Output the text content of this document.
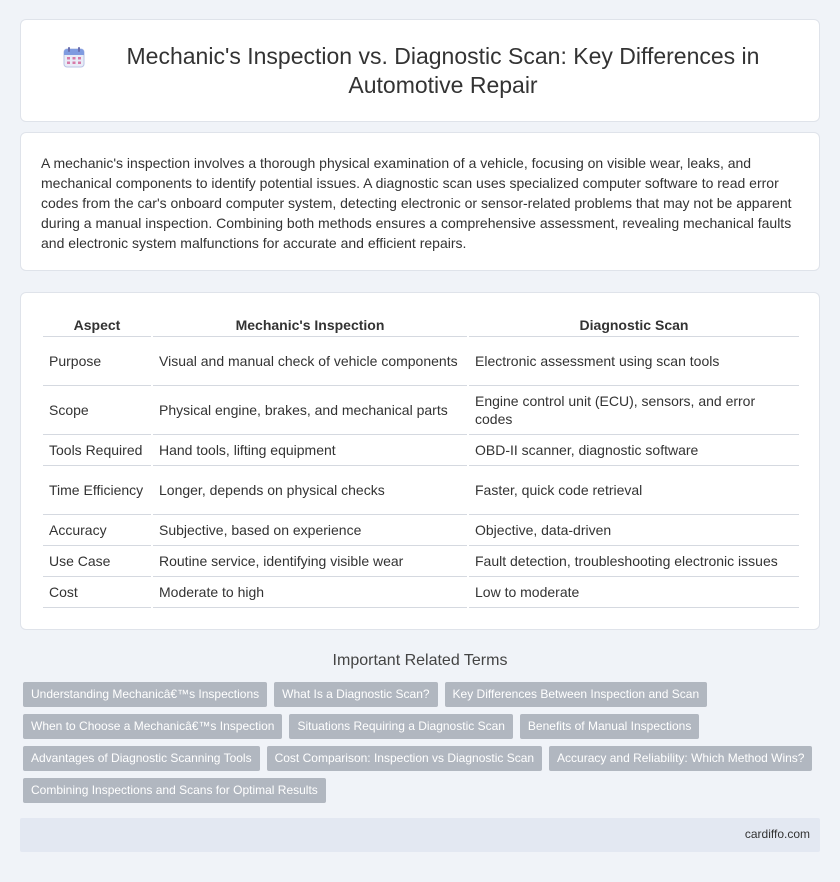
Mechanic's Inspection vs. Diagnostic Scan: Key Differences in Automotive Repair

A mechanic's inspection involves a thorough physical examination of a vehicle, focusing on visible wear, leaks, and mechanical components to identify potential issues. A diagnostic scan uses specialized computer software to read error codes from the car's onboard computer system, detecting electronic or sensor-related problems that may not be apparent during a manual inspection. Combining both methods ensures a comprehensive assessment, revealing mechanical faults and electronic system malfunctions for accurate and efficient repairs.

Aspect	Mechanic's Inspection	Diagnostic Scan
Purpose	Visual and manual check of vehicle components	Electronic assessment using scan tools
Scope	Physical engine, brakes, and mechanical parts	Engine control unit (ECU), sensors, and error codes
Tools Required	Hand tools, lifting equipment	OBD-II scanner, diagnostic software
Time Efficiency	Longer, depends on physical checks	Faster, quick code retrieval
Accuracy	Subjective, based on experience	Objective, data-driven
Use Case	Routine service, identifying visible wear	Fault detection, troubleshooting electronic issues
Cost	Moderate to high	Low to moderate
Important Related Terms
Understanding Mechanicâ€™s Inspections	What Is a Diagnostic Scan?	Key Differences Between Inspection and Scan
When to Choose a Mechanicâ€™s Inspection	Situations Requiring a Diagnostic Scan	Benefits of Manual Inspections
Advantages of Diagnostic Scanning Tools	Cost Comparison: Inspection vs Diagnostic Scan	Accuracy and Reliability: Which Method Wins?
Combining Inspections and Scans for Optimal Results
cardiffo.com
